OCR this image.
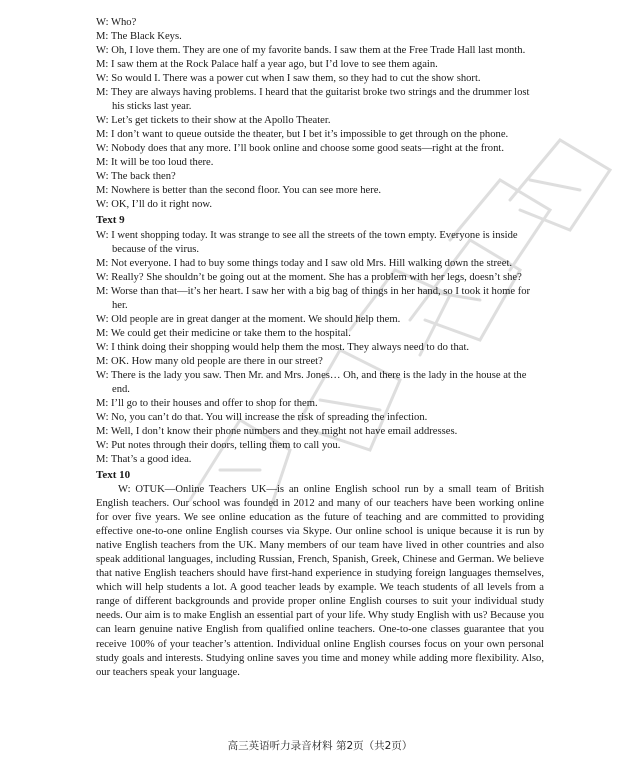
W: Who?

M: The Black Keys.

W: Oh, I love them. They are one of my favorite bands. I saw them at the Free Trade Hall last month.

M: I saw them at the Rock Palace half a year ago, but I’d love to see them again.

W: So would I. There was a power cut when I saw them, so they had to cut the show short.

M: They are always having problems. I heard that the guitarist broke two strings and the drummer lost his sticks last year.

W: Let’s get tickets to their show at the Apollo Theater.

M: I don’t want to queue outside the theater, but I bet it’s impossible to get through on the phone.

W: Nobody does that any more. I’ll book online and choose some good seats—right at the front.

M: It will be too loud there.

W: The back then?

M: Nowhere is better than the second floor. You can see more here.

W: OK, I’ll do it right now.

Text 9

W: I went shopping today. It was strange to see all the streets of the town empty. Everyone is inside because of the virus.

M: Not everyone. I had to buy some things today and I saw old Mrs. Hill walking down the street.

W: Really? She shouldn’t be going out at the moment. She has a problem with her legs, doesn’t she?

M: Worse than that—it’s her heart. I saw her with a big bag of things in her hand, so I took it home for her.

W: Old people are in great danger at the moment. We should help them.

M: We could get their medicine or take them to the hospital.

W: I think doing their shopping would help them the most. They always need to do that.

M: OK. How many old people are there in our street?

W: There is the lady you saw. Then Mr. and Mrs. Jones… Oh, and there is the lady in the house at the end.

M: I’ll go to their houses and offer to shop for them.

W: No, you can’t do that. You will increase the risk of spreading the infection.

M: Well, I don’t know their phone numbers and they might not have email addresses.

W: Put notes through their doors, telling them to call you.

M: That’s a good idea.

Text 10

W: OTUK—Online Teachers UK—is an online English school run by a small team of British English teachers. Our school was founded in 2012 and many of our teachers have been working online for over five years. We see online education as the future of teaching and are committed to providing effective one-to-one online English courses via Skype. Our online school is unique because it is run by native English teachers from the UK. Many members of our team have lived in other countries and also speak additional languages, including Russian, French, Spanish, Greek, Chinese and German. We believe that native English teachers should have first-hand experience in studying foreign languages themselves, which will help students a lot. A good teacher leads by example. We teach students of all levels from a range of different backgrounds and provide proper online English courses to suit your individual study needs. Our aim is to make English an essential part of your life. Why study English with us? Because you can learn genuine native English from qualified online teachers. One-to-one classes guarantee that you receive 100% of your teacher’s attention. Individual online English courses focus on your own personal study goals and interests. Studying online saves you time and money while adding more flexibility. Also, our teachers speak your language.

高三英语听力录音材料 第2页（共2页）
